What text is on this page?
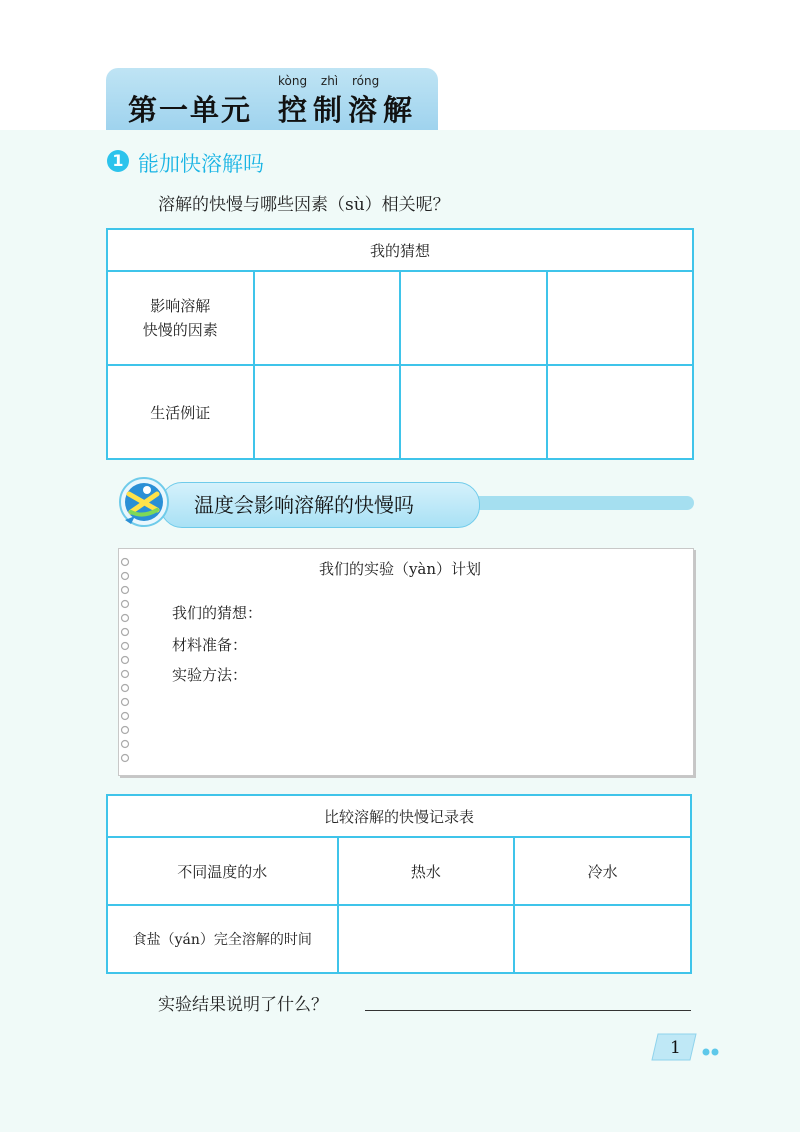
kòng zhì róng
第一单元 控制溶解
1 能加快溶解吗
溶解的快慢与哪些因素（sù）相关呢？
我的猜想			
影响溶解
快慢的因素			
生活例证			
温度会影响溶解的快慢吗
我们的实验（yàn）计划
我们的猜想：
材料准备：
实验方法：
比较溶解的快慢记录表		
不同温度的水	热水	冷水
食盐（yán）完全溶解的时间		
实验结果说明了什么？
1
